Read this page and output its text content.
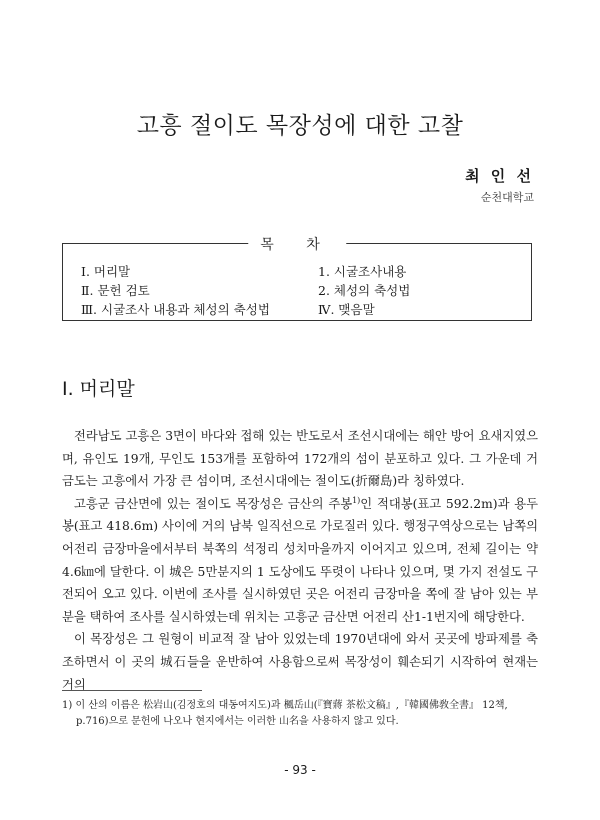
고흥 절이도 목장성에 대한 고찰
최 인 선
순천대학교
목 차
Ⅰ. 머리말
Ⅱ. 문헌 검토
Ⅲ. 시굴조사 내용과 체성의 축성법
1. 시굴조사내용
2. 체성의 축성법
Ⅳ. 맺음말
Ⅰ. 머리말

전라남도 고흥은 3면이 바다와 접해 있는 반도로서 조선시대에는 해안 방어 요새지였으며, 유인도 19개, 무인도 153개를 포함하여 172개의 섬이 분포하고 있다. 그 가운데 거금도는 고흥에서 가장 큰 섬이며, 조선시대에는 절이도(折爾島)라 칭하였다.

고흥군 금산면에 있는 절이도 목장성은 금산의 주봉$^{1)}$인 적대봉(표고 592.2m)과 용두봉(표고 418.6m) 사이에 거의 남북 일직선으로 가로질러 있다. 행정구역상으로는 남쪽의 어전리 금장마을에서부터 북쪽의 석정리 성치마을까지 이어지고 있으며, 전체 길이는 약 4.6㎞에 달한다. 이 城은 5만분지의 1 도상에도 뚜렷이 나타나 있으며, 몇 가지 전설도 구전되어 오고 있다. 이번에 조사를 실시하였던 곳은 어전리 금장마을 쪽에 잘 남아 있는 부분을 택하여 조사를 실시하였는데 위치는 고흥군 금산면 어전리 산1-1번지에 해당한다.

이 목장성은 그 원형이 비교적 잘 남아 있었는데 1970년대에 와서 곳곳에 방파제를 축조하면서 이 곳의 城石들을 운반하여 사용함으로써 목장성이 훼손되기 시작하여 현재는 거의

1) 이 산의 이름은 松岩山(김정호의 대동여지도)과 楓岳山(『寶蔣 茶松文稿』,『韓國佛敎全書』 12책, p.716)으로 문헌에 나오나 현지에서는 이러한 山名을 사용하지 않고 있다.
- 93 -
